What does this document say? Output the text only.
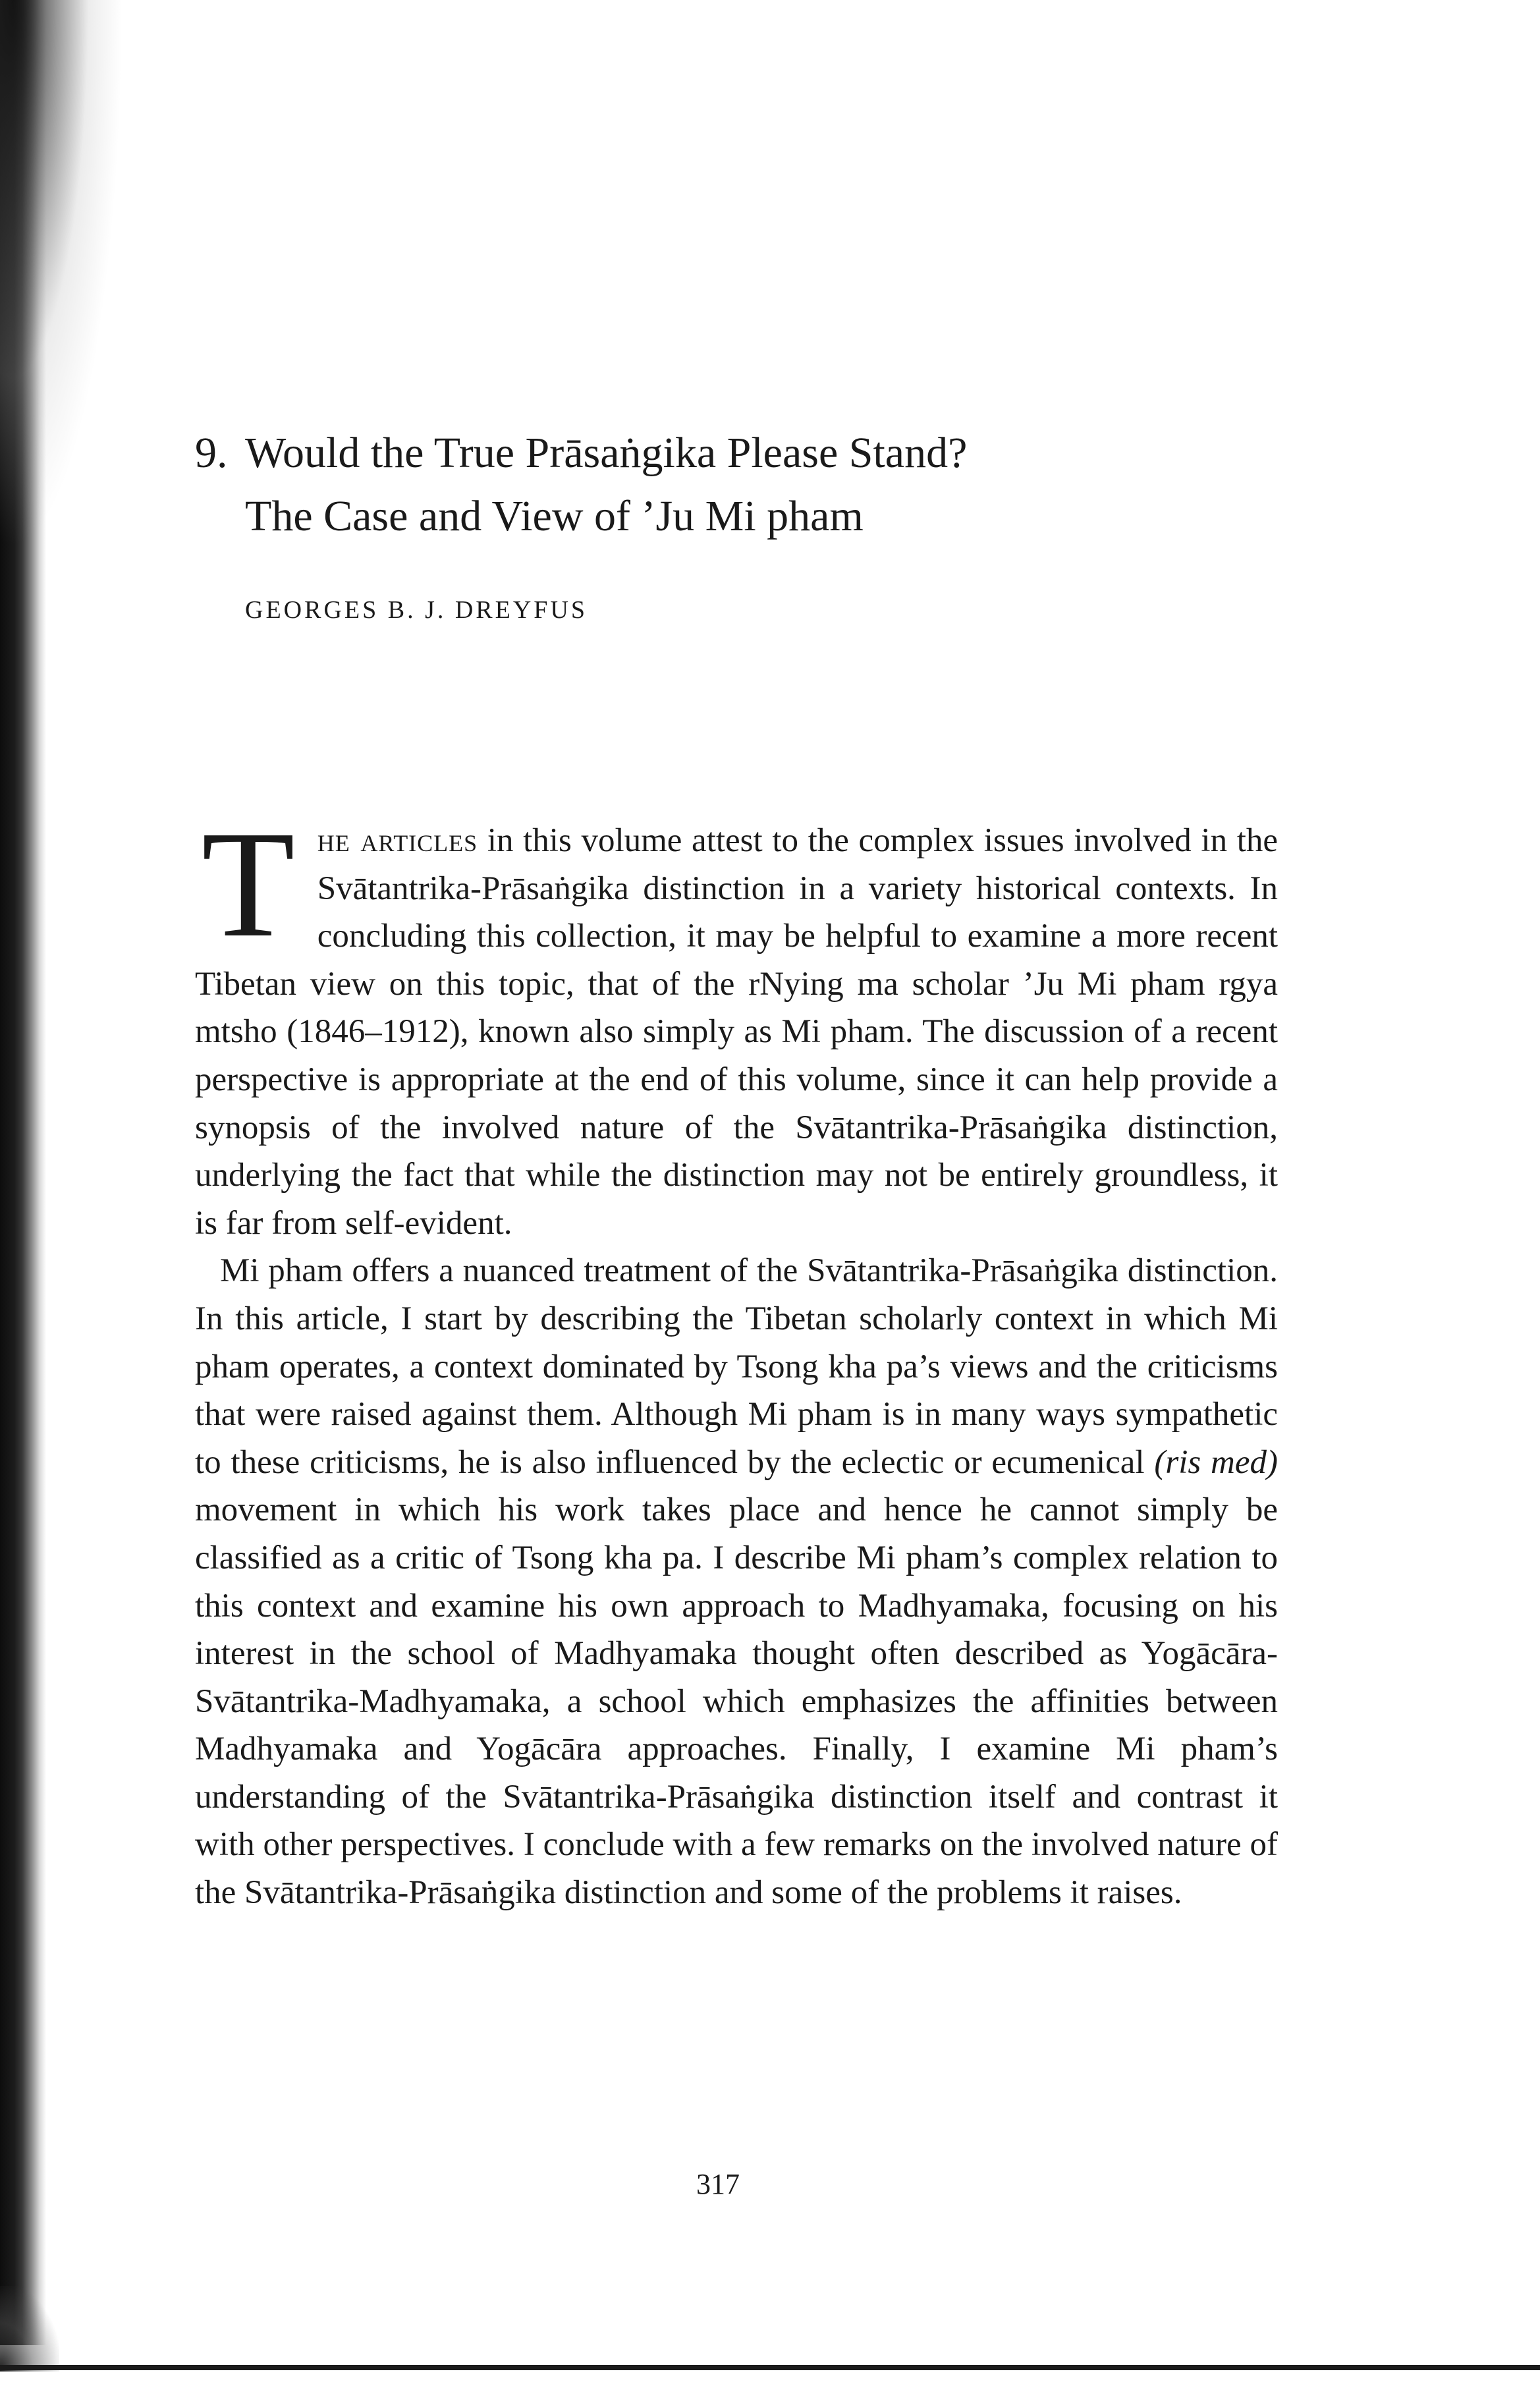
9. Would the True Prāsaṅgika Please Stand?
The Case and View of ’Ju Mi pham
GEORGES B. J. DREYFUS

The articles in this volume attest to the complex issues involved in the Svātantrika-Prāsaṅgika distinction in a variety historical contexts. In concluding this collection, it may be helpful to examine a more recent Tibetan view on this topic, that of the rNying ma scholar ’Ju Mi pham rgya mtsho (1846–1912), known also simply as Mi pham. The discussion of a recent perspective is appropriate at the end of this volume, since it can help provide a synopsis of the involved nature of the Svātantrika-Prāsaṅgika distinction, underlying the fact that while the distinction may not be entirely groundless, it is far from self-evident.

Mi pham offers a nuanced treatment of the Svātantrika-Prāsaṅgika distinction. In this article, I start by describing the Tibetan scholarly context in which Mi pham operates, a context dominated by Tsong kha pa’s views and the criticisms that were raised against them. Although Mi pham is in many ways sympathetic to these criticisms, he is also influenced by the eclectic or ecumenical (ris med) movement in which his work takes place and hence he cannot simply be classified as a critic of Tsong kha pa. I describe Mi pham’s complex relation to this context and examine his own approach to Madhyamaka, focusing on his interest in the school of Madhyamaka thought often described as Yogācāra-Svātantrika-Madhyamaka, a school which emphasizes the affinities between Madhyamaka and Yogācāra approaches. Finally, I examine Mi pham’s understanding of the Svātantrika-Prāsaṅgika distinction itself and contrast it with other perspectives. I conclude with a few remarks on the involved nature of the Svātantrika-Prāsaṅgika distinction and some of the problems it raises.

317
